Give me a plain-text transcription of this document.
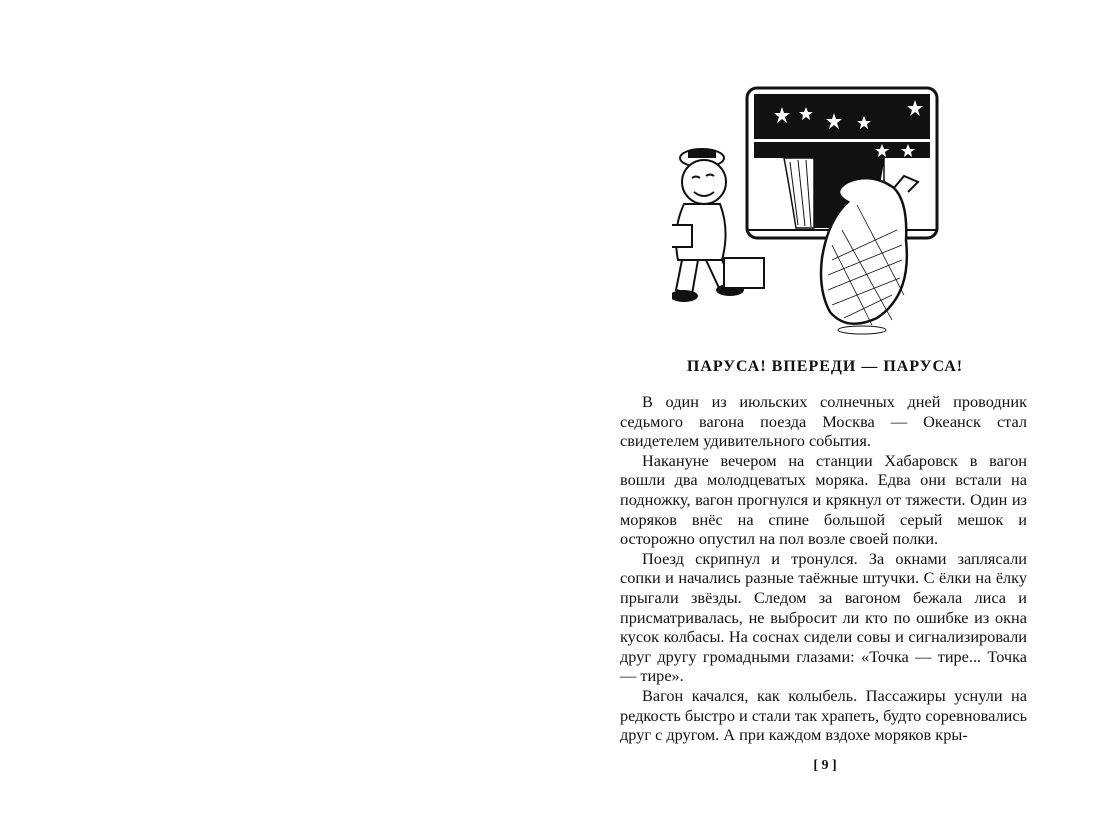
ПАРУСА! ВПЕРЕДИ — ПАРУСА!

В один из июльских солнечных дней проводник седьмого вагона поезда Москва — Океанск стал свидетелем удивительного события.

Накануне вечером на станции Хабаровск в вагон вошли два молодцеватых моряка. Едва они встали на подножку, вагон прогнулся и крякнул от тяжести. Один из моряков внёс на спине большой серый мешок и осторожно опустил на пол возле своей полки.

Поезд скрипнул и тронулся. За окнами заплясали сопки и начались разные таёжные штучки. С ёлки на ёлку прыгали звёзды. Следом за вагоном бежала лиса и присматривалась, не выбросит ли кто по ошибке из окна кусок колбасы. На соснах сидели совы и сигнализировали друг другу громадными глазами: «Точка — тире... Точка — тире».

Вагон качался, как колыбель. Пассажиры уснули на редкость быстро и стали так храпеть, будто соревновались друг с другом. А при каждом вздохе моряков кры-

[ 9 ]
